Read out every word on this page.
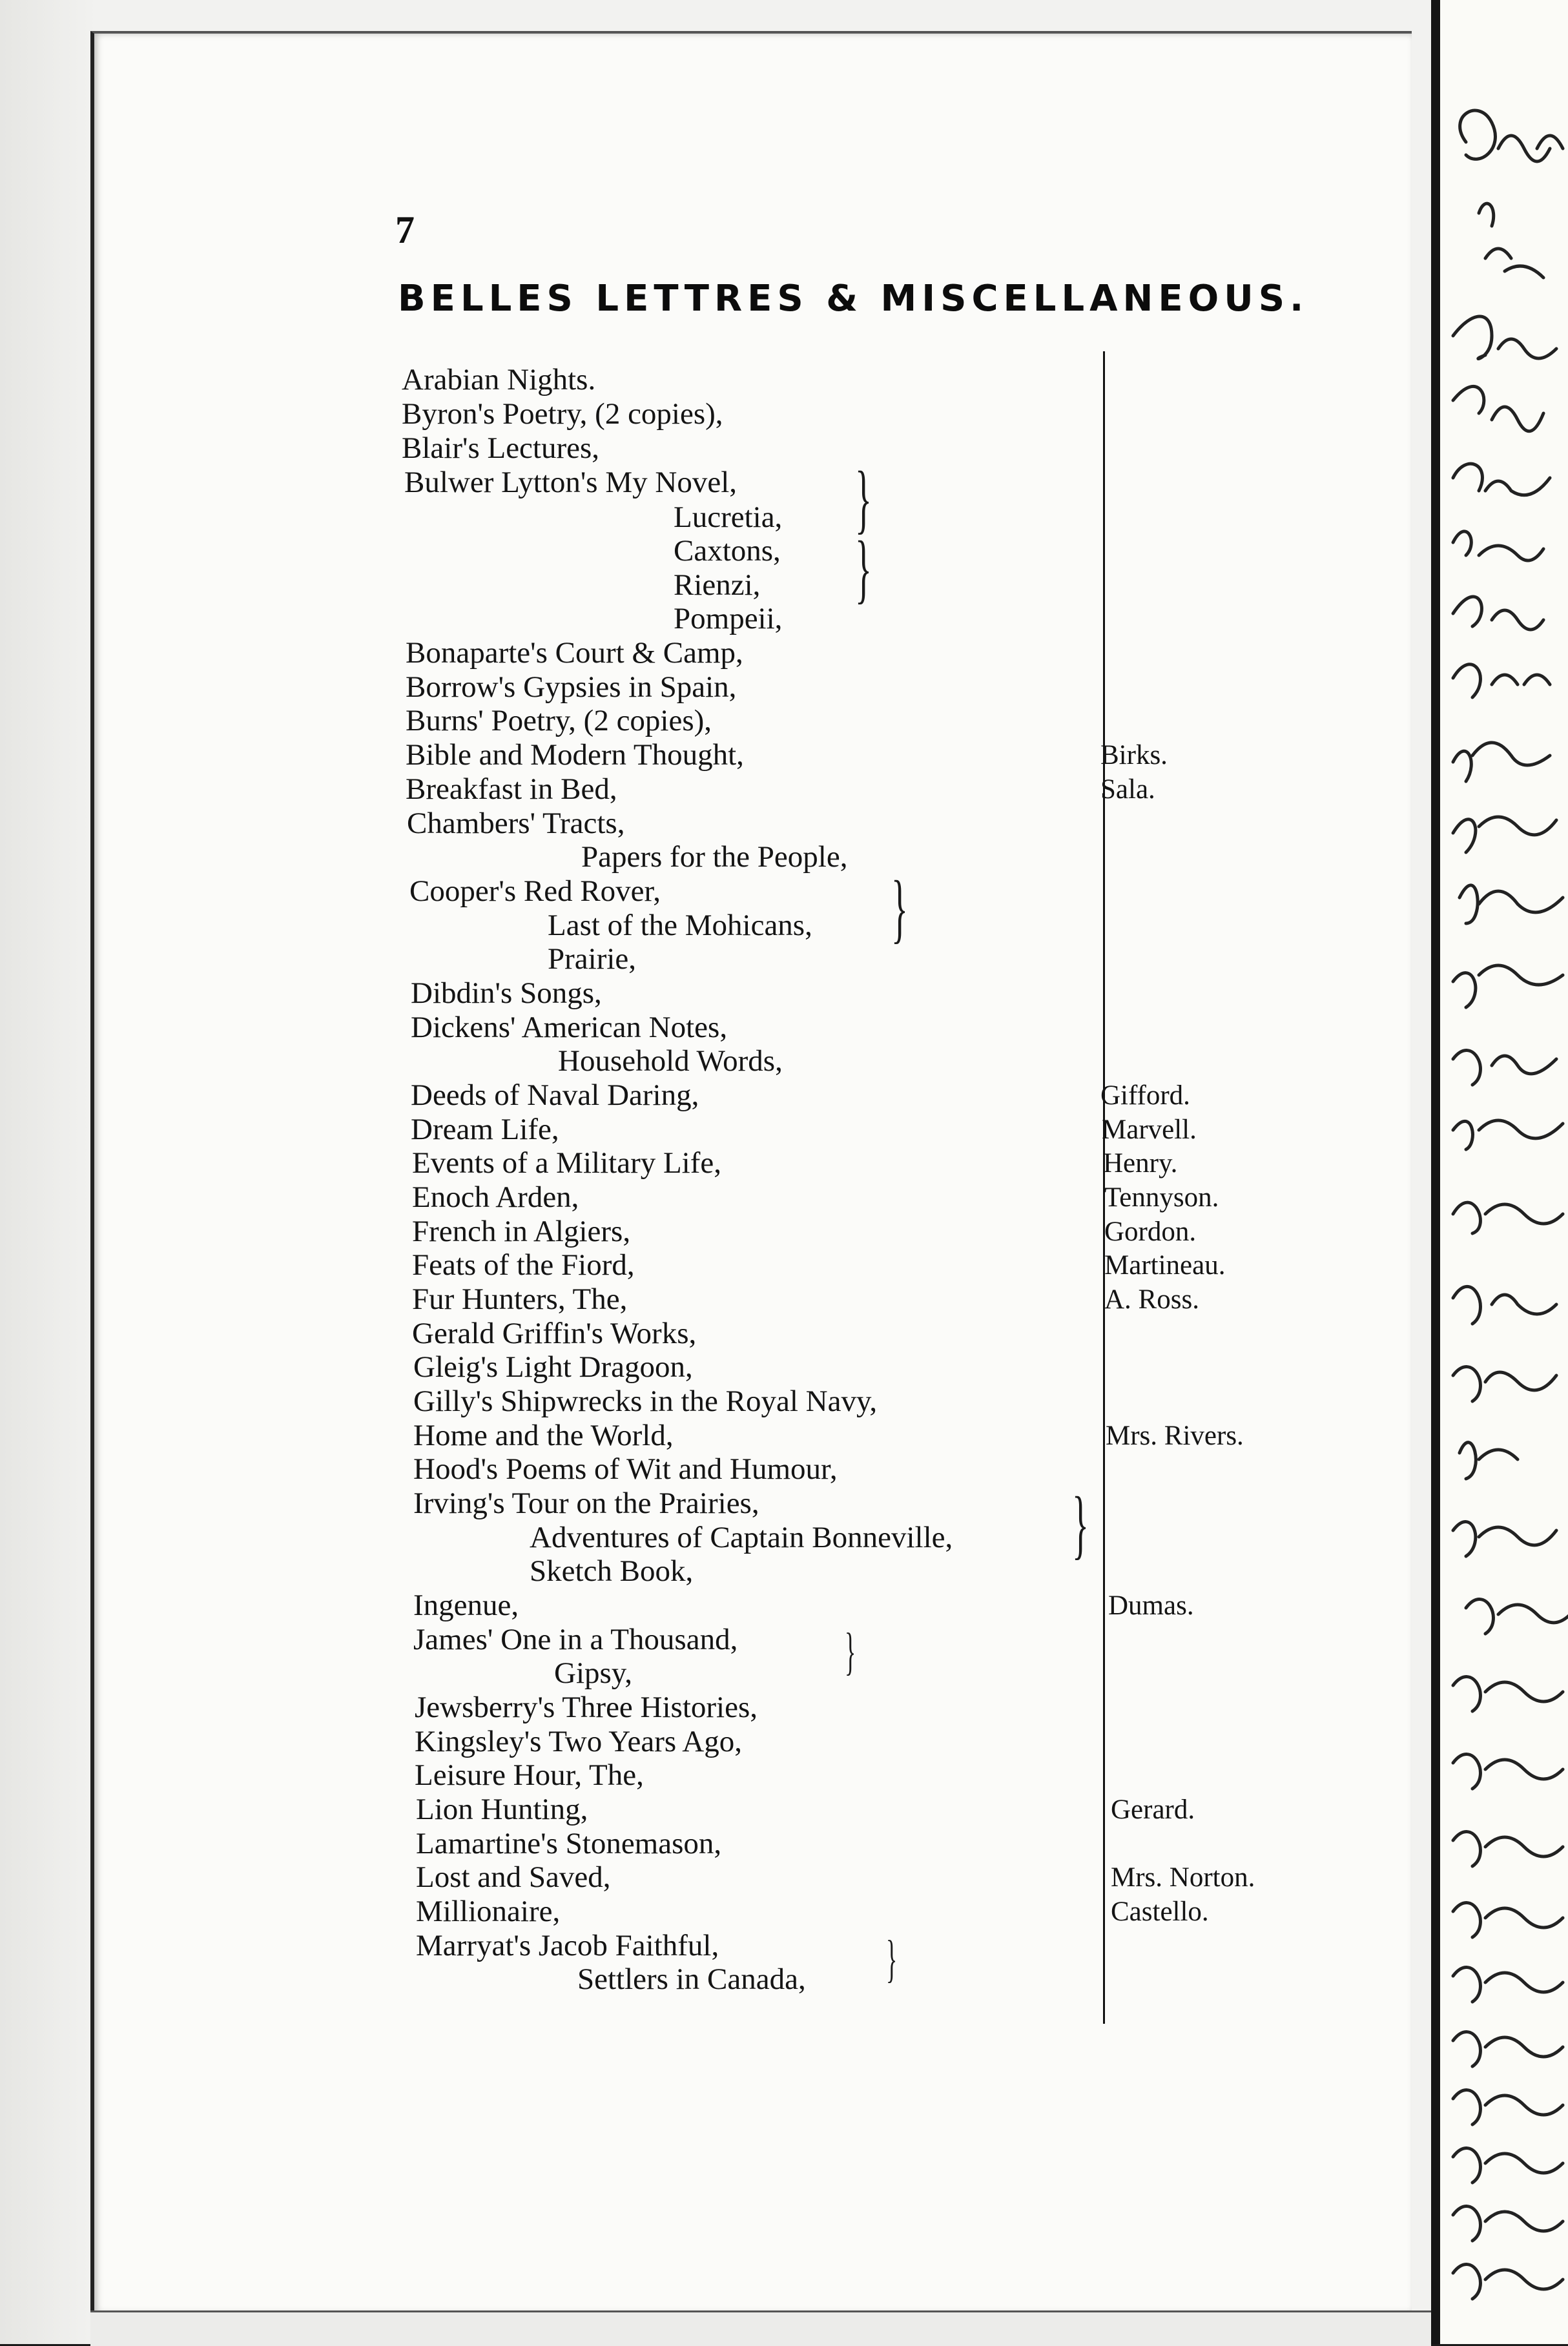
7
BELLES LETTRES & MISCELLANEOUS.
Arabian Nights.
Byron's Poetry, (2 copies),
Blair's Lectures,
Bulwer Lytton's My Novel,
Lucretia,
Caxtons,
Rienzi,
Pompeii,
Bonaparte's Court & Camp,
Borrow's Gypsies in Spain,
Burns' Poetry, (2 copies),
Bible and Modern Thought,
Breakfast in Bed,
Chambers' Tracts,
Papers for the People,
Cooper's Red Rover,
Last of the Mohicans,
Prairie,
Dibdin's Songs,
Dickens' American Notes,
Household Words,
Deeds of Naval Daring,
Dream Life,
Events of a Military Life,
Enoch Arden,
French in Algiers,
Feats of the Fiord,
Fur Hunters, The,
Gerald Griffin's Works,
Gleig's Light Dragoon,
Gilly's Shipwrecks in the Royal Navy,
Home and the World,
Hood's Poems of Wit and Humour,
Irving's Tour on the Prairies,
Adventures of Captain Bonneville,
Sketch Book,
Ingenue,
James' One in a Thousand,
Gipsy,
Jewsberry's Three Histories,
Kingsley's Two Years Ago,
Leisure Hour, The,
Lion Hunting,
Lamartine's Stonemason,
Lost and Saved,
Millionaire,
Marryat's Jacob Faithful,
Settlers in Canada,
}
}
}
}
}
}
Birks.
Sala.
Gifford.
Marvell.
Henry.
Tennyson.
Gordon.
Martineau.
A. Ross.
Mrs. Rivers.
Dumas.
Gerard.
Mrs. Norton.
Castello.
